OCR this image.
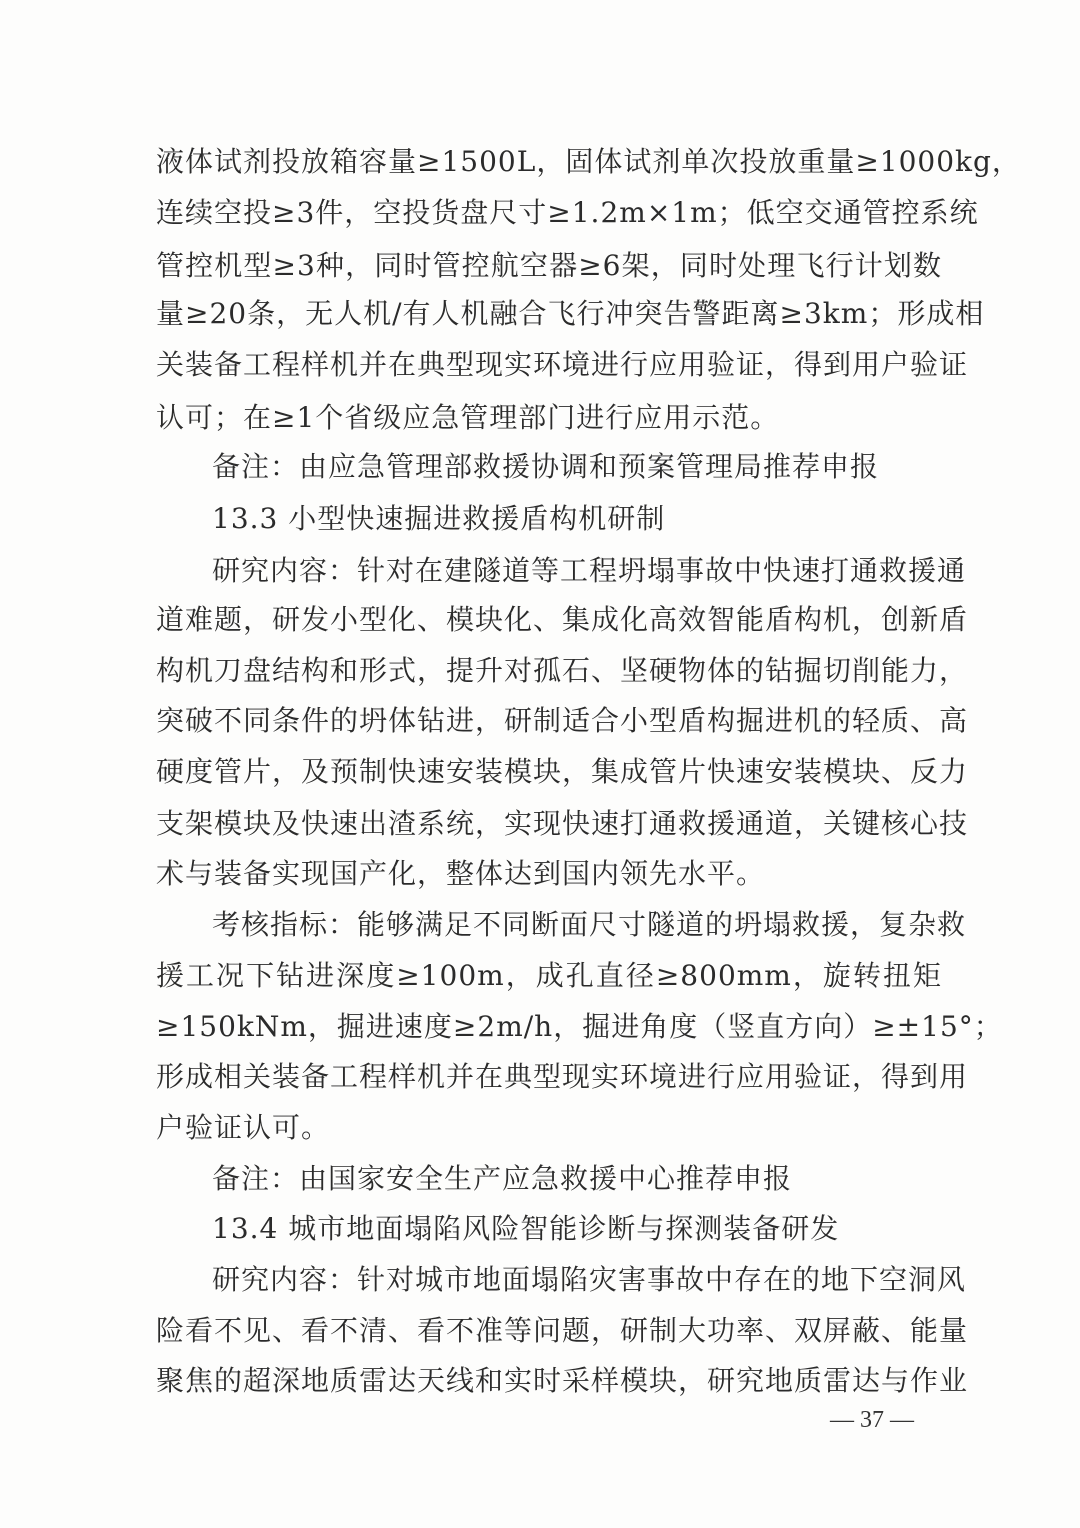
液体试剂投放箱容量≥1500L，固体试剂单次投放重量≥1000kg，
连续空投≥3件，空投货盘尺寸≥1.2m×1m；低空交通管控系统
管控机型≥3种，同时管控航空器≥6架，同时处理飞行计划数
量≥20条，无人机/有人机融合飞行冲突告警距离≥3km；形成相
关装备工程样机并在典型现实环境进行应用验证，得到用户验证
认可；在≥1个省级应急管理部门进行应用示范。
备注：由应急管理部救援协调和预案管理局推荐申报
13.3 小型快速掘进救援盾构机研制
研究内容：针对在建隧道等工程坍塌事故中快速打通救援通
道难题，研发小型化、模块化、集成化高效智能盾构机，创新盾
构机刀盘结构和形式，提升对孤石、坚硬物体的钻掘切削能力，
突破不同条件的坍体钻进，研制适合小型盾构掘进机的轻质、高
硬度管片，及预制快速安装模块，集成管片快速安装模块、反力
支架模块及快速出渣系统，实现快速打通救援通道，关键核心技
术与装备实现国产化，整体达到国内领先水平。
考核指标：能够满足不同断面尺寸隧道的坍塌救援，复杂救
援工况下钻进深度≥100m，成孔直径≥800mm，旋转扭矩
≥150kNm，掘进速度≥2m/h，掘进角度（竖直方向）≥±15°；
形成相关装备工程样机并在典型现实环境进行应用验证，得到用
户验证认可。
备注：由国家安全生产应急救援中心推荐申报
13.4 城市地面塌陷风险智能诊断与探测装备研发
研究内容：针对城市地面塌陷灾害事故中存在的地下空洞风
险看不见、看不清、看不准等问题，研制大功率、双屏蔽、能量
聚焦的超深地质雷达天线和实时采样模块，研究地质雷达与作业
— 37 —
